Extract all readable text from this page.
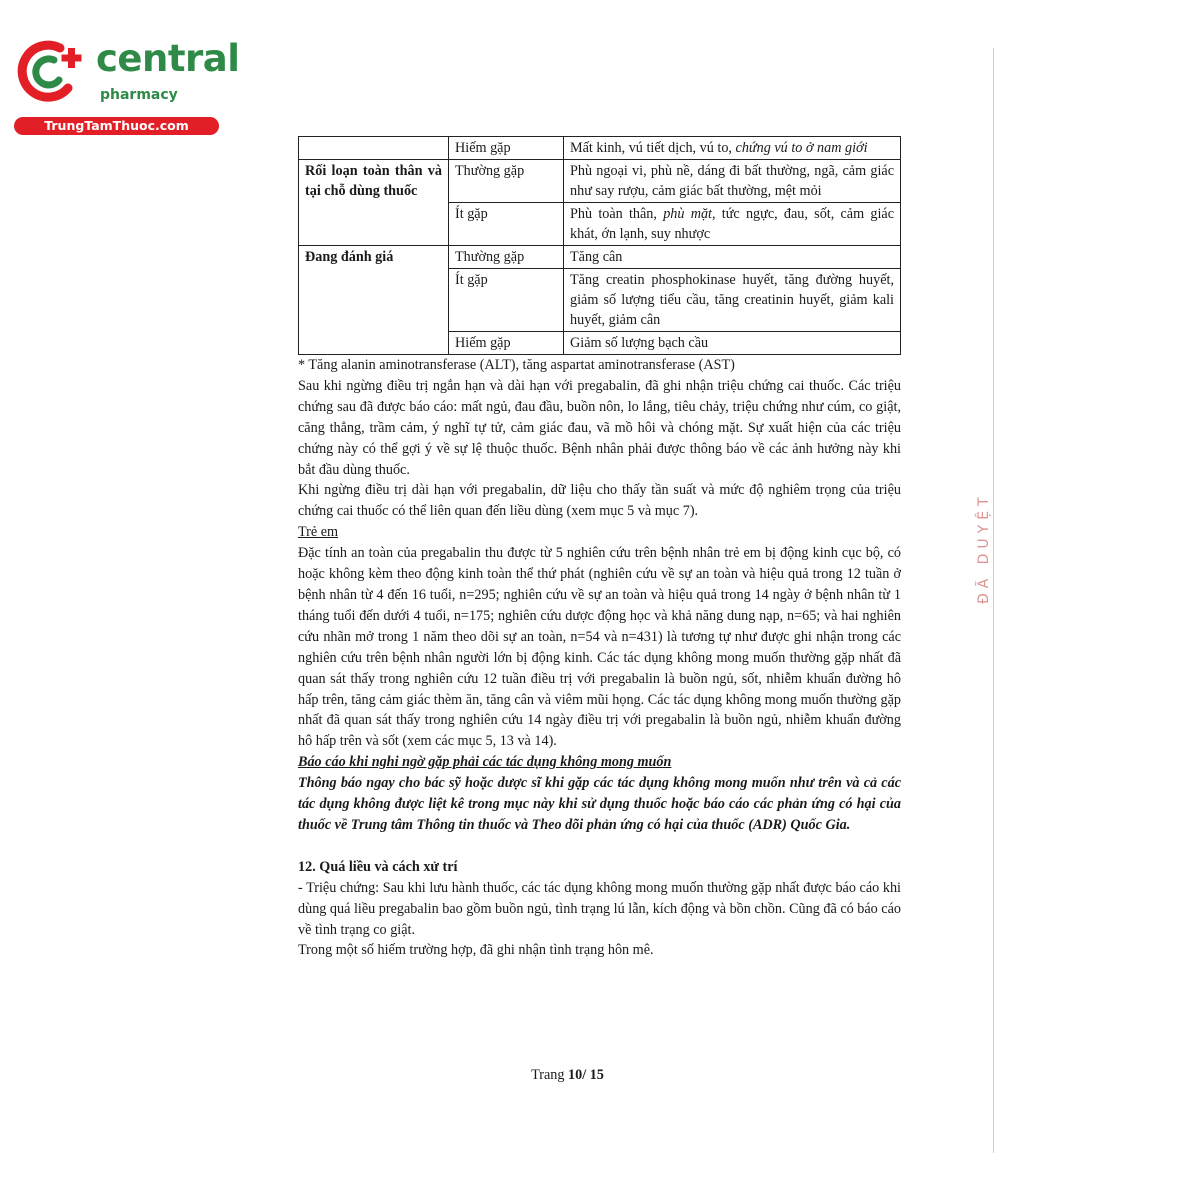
central
pharmacy
TrungTamThuoc.com
ĐÃ DUYỆT
	Hiếm gặp	Mất kinh, vú tiết dịch, vú to, chứng vú to ở nam giới
Rối loạn toàn thân và tại chỗ dùng thuốc	Thường gặp	Phù ngoại vi, phù nề, dáng đi bất thường, ngã, cảm giác như say rượu, cảm giác bất thường, mệt mỏi
	Ít gặp	Phù toàn thân, phù mặt, tức ngực, đau, sốt, cảm giác khát, ớn lạnh, suy nhược
Đang đánh giá	Thường gặp	Tăng cân
	Ít gặp	Tăng creatin phosphokinase huyết, tăng đường huyết, giảm số lượng tiểu cầu, tăng creatinin huyết, giảm kali huyết, giảm cân
	Hiếm gặp	Giảm số lượng bạch cầu

* Tăng alanin aminotransferase (ALT), tăng aspartat aminotransferase (AST)

Sau khi ngừng điều trị ngắn hạn và dài hạn với pregabalin, đã ghi nhận triệu chứng cai thuốc. Các triệu chứng sau đã được báo cáo: mất ngủ, đau đầu, buồn nôn, lo lắng, tiêu chảy, triệu chứng như cúm, co giật, căng thẳng, trầm cảm, ý nghĩ tự tử, cảm giác đau, vã mồ hôi và chóng mặt. Sự xuất hiện của các triệu chứng này có thể gợi ý về sự lệ thuộc thuốc. Bệnh nhân phải được thông báo về các ảnh hưởng này khi bắt đầu dùng thuốc.

Khi ngừng điều trị dài hạn với pregabalin, dữ liệu cho thấy tần suất và mức độ nghiêm trọng của triệu chứng cai thuốc có thể liên quan đến liều dùng (xem mục 5 và mục 7).

Trẻ em

Đặc tính an toàn của pregabalin thu được từ 5 nghiên cứu trên bệnh nhân trẻ em bị động kinh cục bộ, có hoặc không kèm theo động kinh toàn thể thứ phát (nghiên cứu về sự an toàn và hiệu quả trong 12 tuần ở bệnh nhân từ 4 đến 16 tuổi, n=295; nghiên cứu về sự an toàn và hiệu quả trong 14 ngày ở bệnh nhân từ 1 tháng tuổi đến dưới 4 tuổi, n=175; nghiên cứu dược động học và khả năng dung nạp, n=65; và hai nghiên cứu nhãn mở trong 1 năm theo dõi sự an toàn, n=54 và n=431) là tương tự như được ghi nhận trong các nghiên cứu trên bệnh nhân người lớn bị động kinh. Các tác dụng không mong muốn thường gặp nhất đã quan sát thấy trong nghiên cứu 12 tuần điều trị với pregabalin là buồn ngủ, sốt, nhiễm khuẩn đường hô hấp trên, tăng cảm giác thèm ăn, tăng cân và viêm mũi họng. Các tác dụng không mong muốn thường gặp nhất đã quan sát thấy trong nghiên cứu 14 ngày điều trị với pregabalin là buồn ngủ, nhiễm khuẩn đường hô hấp trên và sốt (xem các mục 5, 13 và 14).

Báo cáo khi nghi ngờ gặp phải các tác dụng không mong muốn

Thông báo ngay cho bác sỹ hoặc dược sĩ khi gặp các tác dụng không mong muốn như trên và cả các tác dụng không được liệt kê trong mục này khi sử dụng thuốc hoặc báo cáo các phản ứng có hại của thuốc về Trung tâm Thông tin thuốc và Theo dõi phản ứng có hại của thuốc (ADR) Quốc Gia.

12. Quá liều và cách xử trí

- Triệu chứng: Sau khi lưu hành thuốc, các tác dụng không mong muốn thường gặp nhất được báo cáo khi dùng quá liều pregabalin bao gồm buồn ngủ, tình trạng lú lẫn, kích động và bồn chồn. Cũng đã có báo cáo về tình trạng co giật.

Trong một số hiếm trường hợp, đã ghi nhận tình trạng hôn mê.

Trang 10/ 15
